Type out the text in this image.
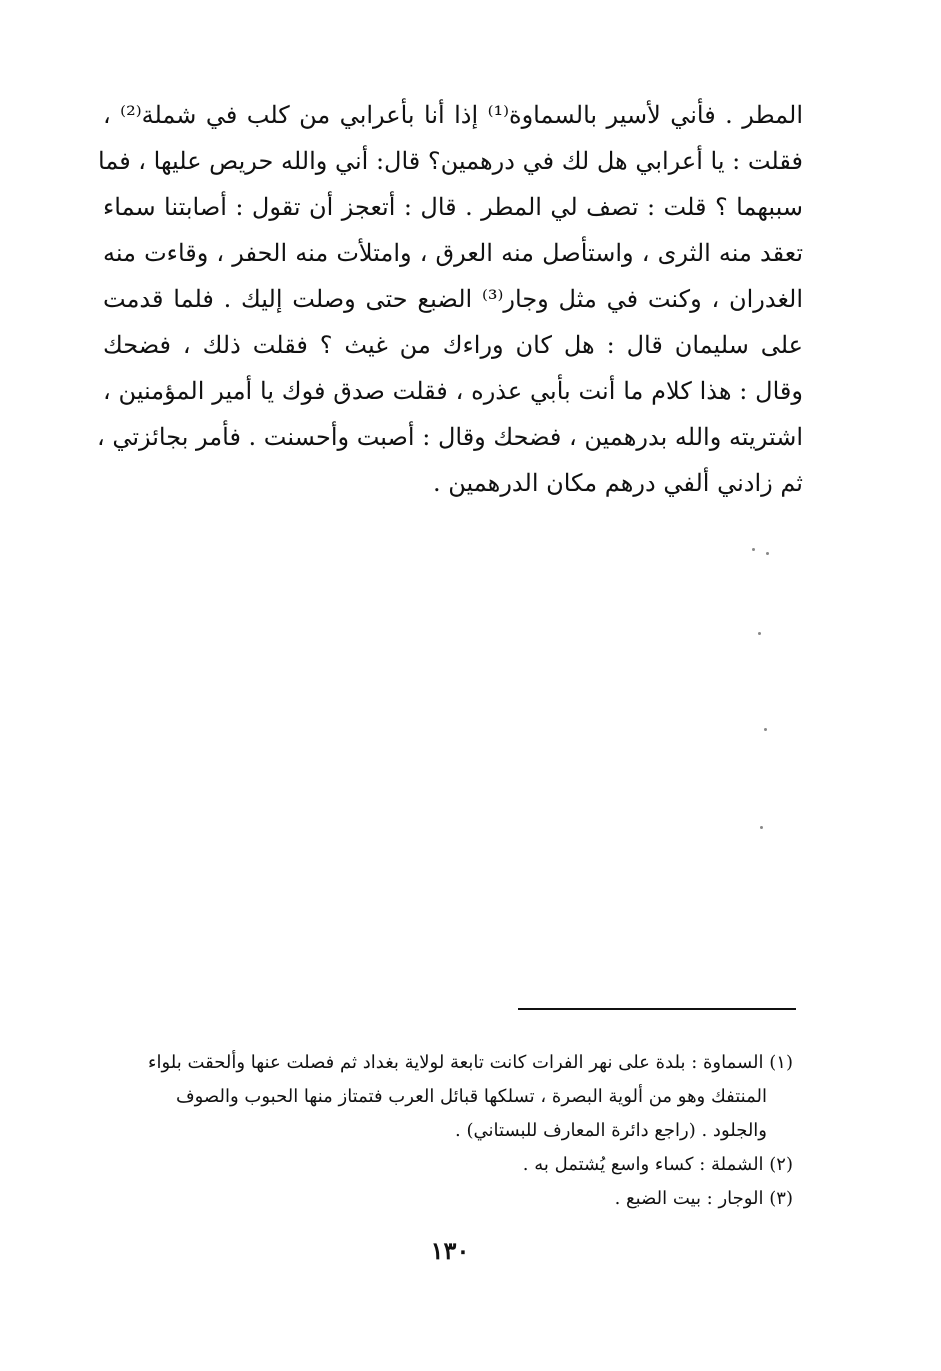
المطر . فأني لأسير بالسماوة⁽¹⁾ إذا أنا بأعرابي من كلب في شملة⁽²⁾ ،
فقلت : يا أعرابي هل لك في درهمين؟ قال: أني والله حريص عليها ، فما
سببهما ؟ قلت : تصف لي المطر . قال : أتعجز أن تقول : أصابتنا سماء
تعقد منه الثرى ، واستأصل منه العرق ، وامتلأت منه الحفر ، وقاءت منه
الغدران ، وكنت في مثل وجار⁽³⁾ الضبع حتى وصلت إليك . فلما قدمت
على سليمان قال : هل كان وراءك من غيث ؟ فقلت ذلك ، فضحك
وقال : هذا كلام ما أنت بأبي عذره ، فقلت صدق فوك يا أمير المؤمنين ،
اشتريته والله بدرهمين ، فضحك وقال : أصبت وأحسنت . فأمر بجائزتي ،
ثم زادني ألفي درهم مكان الدرهمين .
(١) السماوة : بلدة على نهر الفرات كانت تابعة لولاية بغداد ثم فصلت عنها وألحقت بلواء
المنتفك وهو من ألوية البصرة ، تسلكها قبائل العرب فتمتاز منها الحبوب والصوف
والجلود . (راجع دائرة المعارف للبستاني) .
(٢) الشملة : كساء واسع يُشتمل به .
(٣) الوجار : بيت الضبع .
١٣٠
